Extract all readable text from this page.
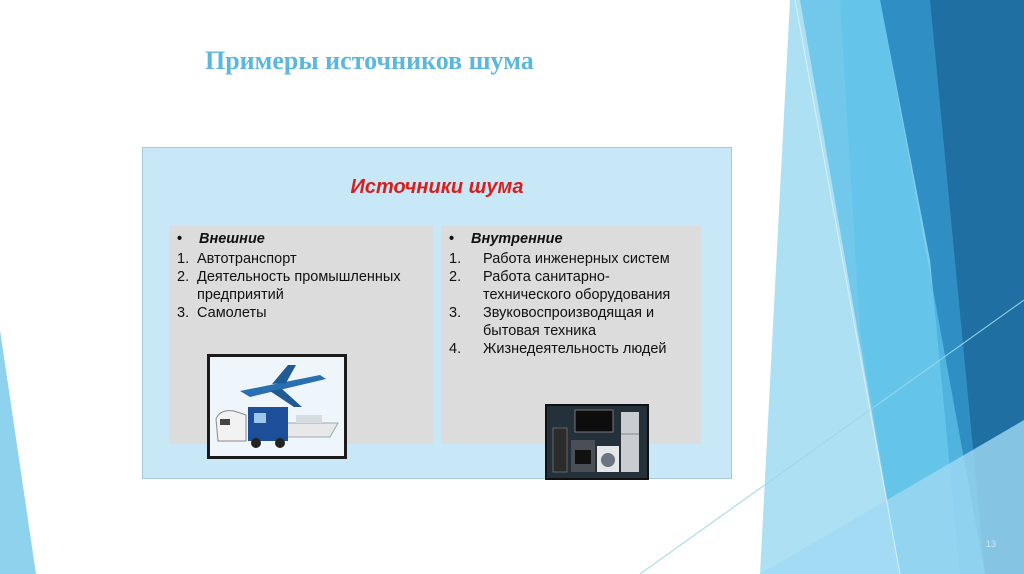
Примеры источников шума
Источники шума
• Внешние
1. Автотранспорт
2. Деятельность промышленных предприятий
3. Самолеты
• Внутренние
1.	Работа инженерных систем
2.	Работа санитарно-технического оборудования
3.	Звуковоспроизводящая и бытовая техника
4.	Жизнедеятельность людей
13
